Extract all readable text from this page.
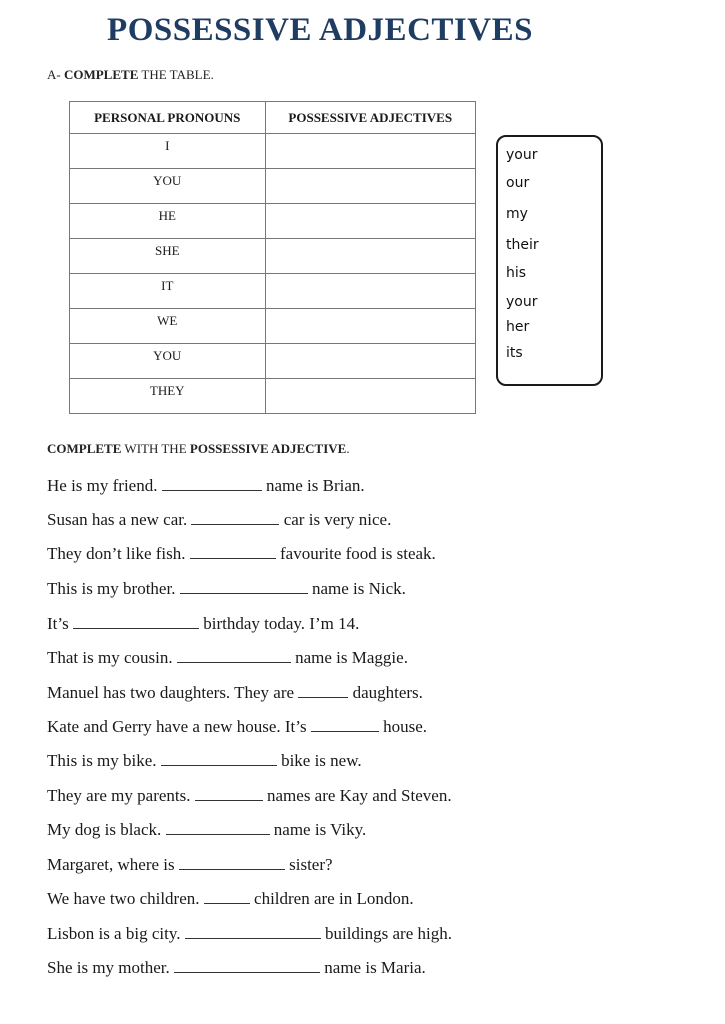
POSSESSIVE ADJECTIVES
A- COMPLETE THE TABLE.
PERSONAL PRONOUNS	POSSESSIVE ADJECTIVES
I	
YOU	
HE	
SHE	
IT	
WE	
YOU	
THEY	
your
our
my
their
his
your
her
its
COMPLETE WITH THE POSSESSIVE ADJECTIVE.
He is my friend.	name is Brian.
Susan has a new car.	car is very nice.
They don’t like fish.	favourite food is steak.
This is my brother.	name is Nick.
It’s	birthday today. I’m 14.
That is my cousin.	name is Maggie.
Manuel has two daughters. They are	daughters.
Kate and Gerry have a new house. It’s	house.
This is my bike.	bike is new.
They are my parents.	names are Kay and Steven.
My dog is black.	name is Viky.
Margaret, where is	sister?
We have two children.	children are in London.
Lisbon is a big city.	buildings are high.
She is my mother.	name is Maria.
